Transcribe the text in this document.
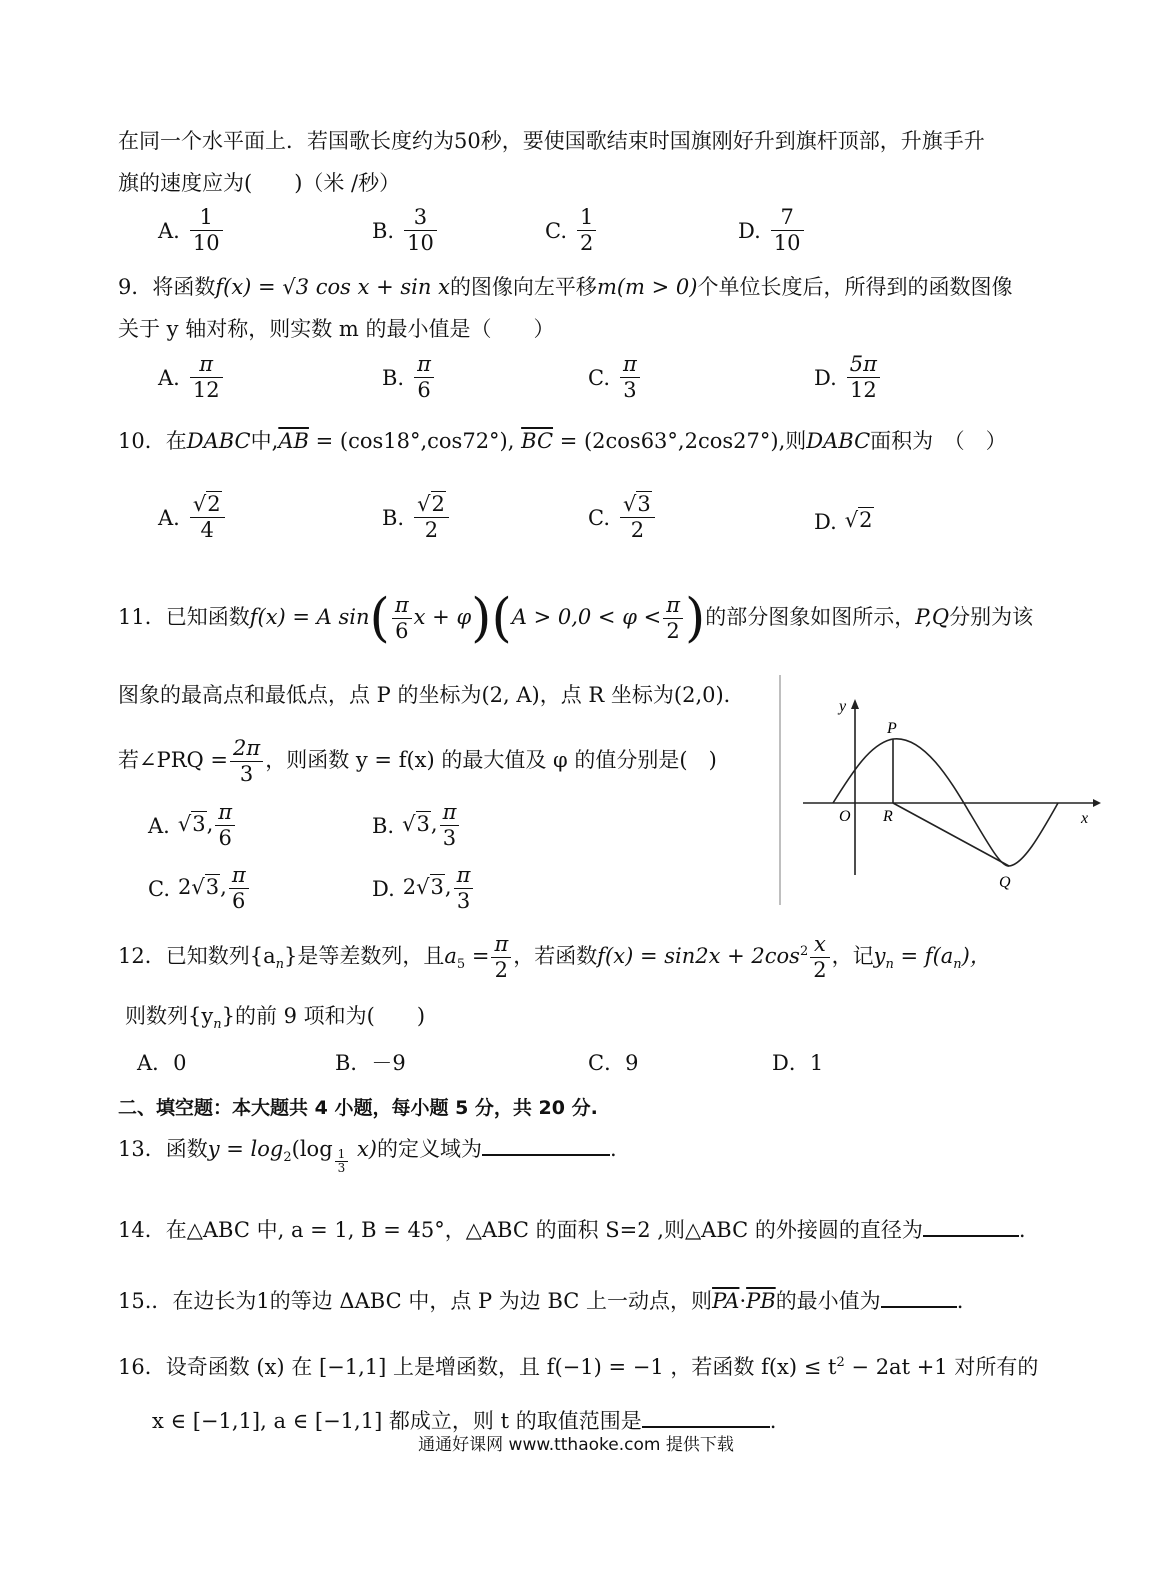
在同一个水平面上．若国歌长度约为50秒，要使国歌结束时国旗刚好升到旗杆顶部，升旗手升
旗的速度应为(　　)（米 /秒）
A. $\frac{1}{10}$	B. $\frac{3}{10}$	C. $\frac{1}{2}$	D. $\frac{7}{10}$
9．将函数f(x) = √3 cos x + sin x的图像向左平移m(m > 0)个单位长度后，所得到的函数图像
关于 y 轴对称，则实数 m 的最小值是（　　）
A. $\frac{\pi}{12}$	B. $\frac{\pi}{6}$	C. $\frac{\pi}{3}$	D. $\frac{5\pi}{12}$
10．在DABC中$,\overline{AB} = (\cos 18^\circ,\cos 72^\circ)$, $\overline{BC} = (2\cos 63^\circ,2\cos 27^\circ)$,则DABC面积为　（　）
A. $\frac{√2}{4}$	B. $\frac{√2}{2}$	C. $\frac{√3}{2}$	D. √2
11．已知函数f(x) = A $\sin( \frac{\pi}{6}$ $x + \varphi)(A > 0,0 < \varphi < \frac{\pi}{2}$ )的部分图象如图所示，P,Q分别为该
图象的最高点和最低点，点 P 的坐标为(2, A)，点 R 坐标为(2,0)．
若∠PRQ = $\frac{2\pi}{3}$ ，则函数 y = f(x) 的最大值及 φ 的值分别是(　)
A. √3, $\frac{\pi}{6}$	B. √3, $\frac{\pi}{3}$
C. 2√3, $\frac{\pi}{6}$	D. 2√3, $\frac{\pi}{3}$
y
x
O
P
R
Q
12．已知数列$\{a_n\}$是等差数列，且$a_5 = \frac{\pi}{2}$ ，若函数$f(x) = \sin 2x + 2\cos^2 \frac{x}{2}$ ，记$y_n = f(a_n)$，
则数列$\{y_n\}$的前 9 项和为(　　)
A．0	B．－9	C．9	D．1
二、填空题：本大题共 4 小题，每小题 5 分，共 20 分.
13．函数$y = \log_2(\log \frac{1}{3} x)$的定义域为	.
14．在△ABC 中, a = 1, B = 45°，△ABC 的面积 S=2 ,则△ABC 的外接圆的直径为	.
15.．在边长为1的等边 ΔABC 中，点 P 为边 BC 上一动点，则$\overline{PA}\cdot\overline{PB}$的最小值为	.
16．设奇函数 (x) 在 [−1,1] 上是增函数，且 f(−1) = −1 ，若函数 $f(x) \le t^2 - 2at +1$ 对所有的
x ∈ [−1,1], a ∈ [−1,1] 都成立，则 t 的取值范围是	.
通通好课网 www.tthaoke.com 提供下载
